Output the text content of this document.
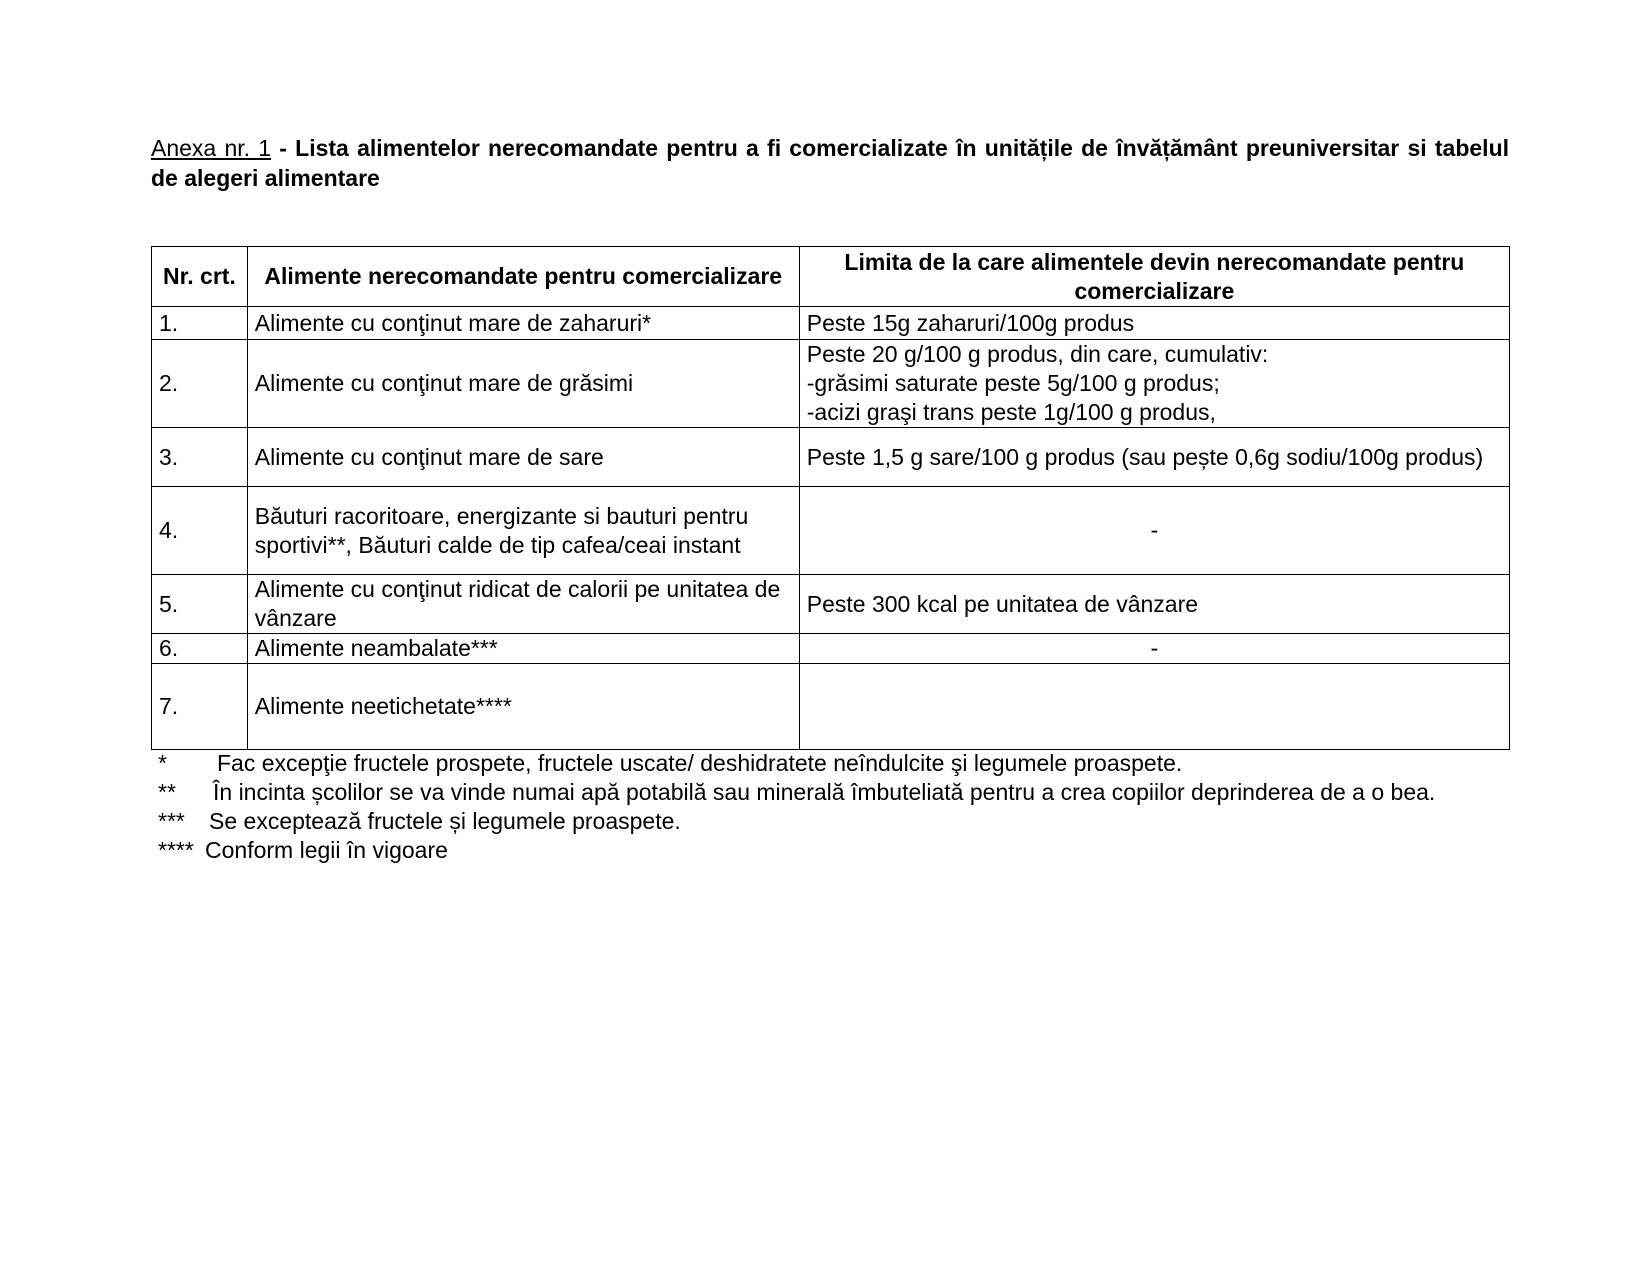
Anexa nr. 1 - Lista alimentelor nerecomandate pentru a fi comercializate în unitățile de învățământ preuniversitar si tabelul de alegeri alimentare
Nr. crt.	Alimente nerecomandate pentru comercializare	Limita de la care alimentele devin nerecomandate pentru comercializare
1.	Alimente cu conţinut mare de zaharuri*	Peste 15g zaharuri/100g produs
2.	Alimente cu conţinut mare de grăsimi	Peste 20 g/100 g produs, din care, cumulativ:
-grăsimi saturate peste 5g/100 g produs;
-acizi graşi trans peste 1g/100 g produs,

3.	Alimente cu conţinut mare de sare	Peste 1,5 g sare/100 g produs (sau pește 0,6g sodiu/100g produs)
4.	Băuturi racoritoare, energizante si bauturi pentru sportivi**, Băuturi calde de tip cafea/ceai instant	-
5.	Alimente cu conţinut ridicat de calorii pe unitatea de vânzare	Peste 300 kcal pe unitatea de vânzare
6.	Alimente neambalate***	-
7.	Alimente neetichetate****	
* Fac excepţie fructele prospete, fructele uscate/ deshidratete neîndulcite şi legumele proaspete.
** În incinta școlilor se va vinde numai apă potabilă sau minerală îmbuteliată pentru a crea copiilor deprinderea de a o bea.
*** Se exceptează fructele și legumele proaspete.
**** Conform legii în vigoare
